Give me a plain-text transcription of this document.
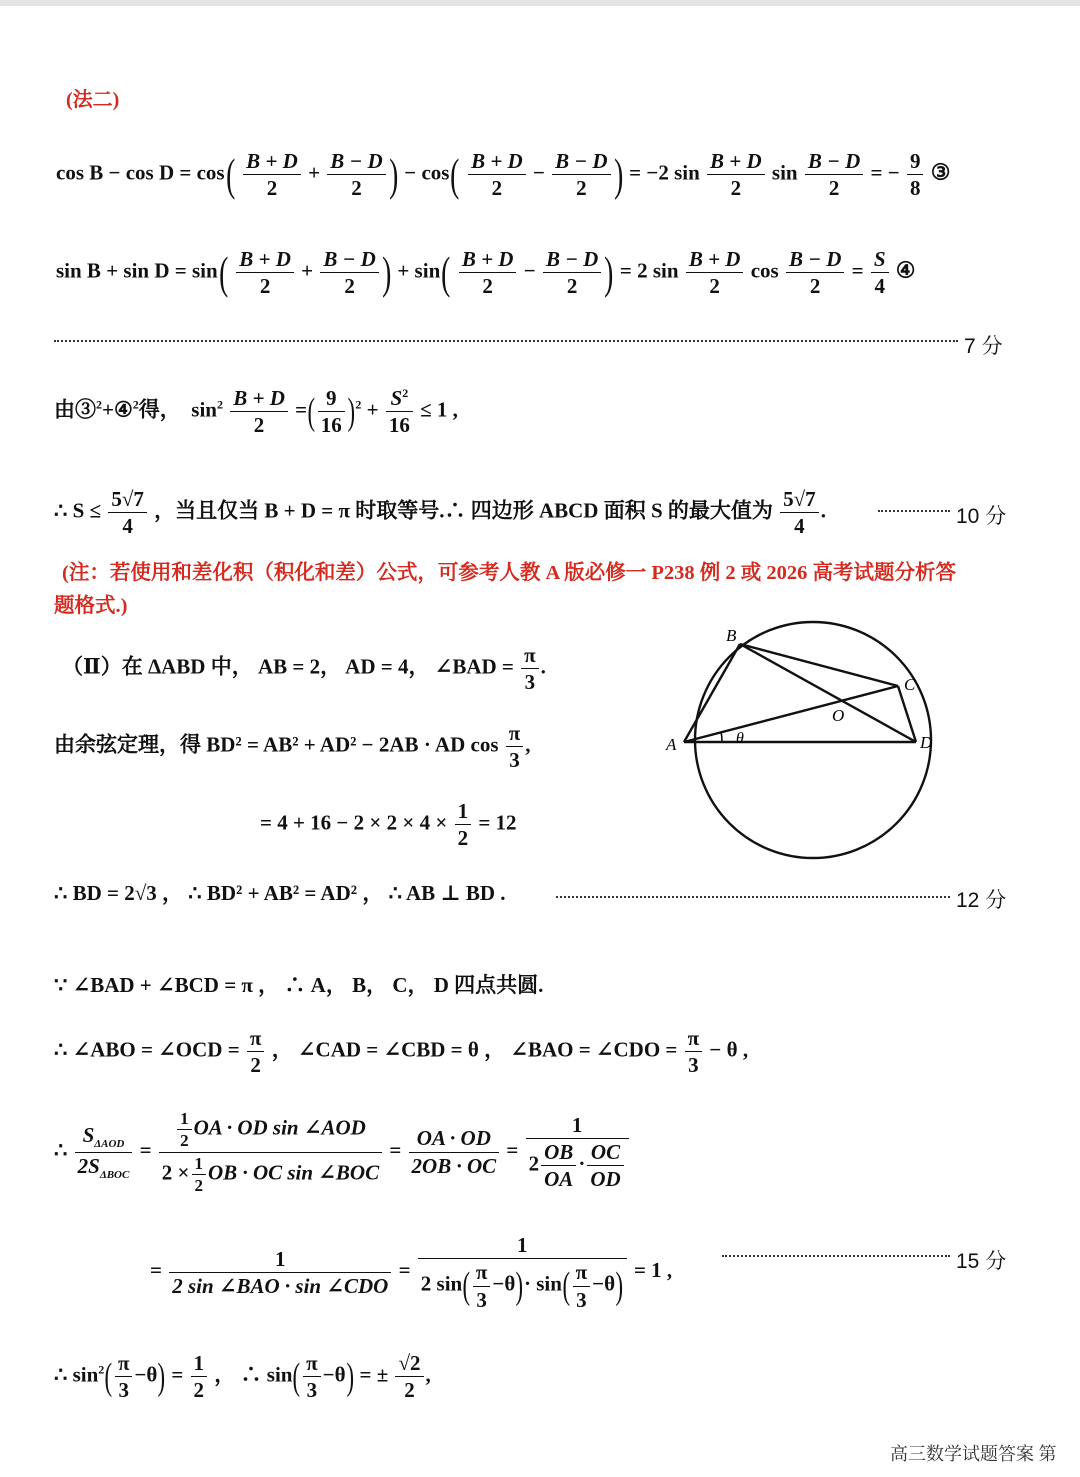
(法二)
$\cos B - \cos D = \cos( \frac{B + D}{2} + \frac{B - D}{2}$ ) − $\cos( \frac{B + D}{2} - \frac{B - D}{2}$ ) = −2 $\sin \frac{B + D}{2}$ $\sin \frac{B - D}{2}$ = − $\frac{9}{8}$ ③
$\sin B + \sin D = \sin( \frac{B + D}{2} + \frac{B - D}{2}$ ) + $\sin( \frac{B + D}{2} - \frac{B - D}{2}$ ) = 2 $\sin \frac{B + D}{2}$ $\cos \frac{B - D}{2} = \frac{S}{4}$ ④
7 分
由③$^2$+④$^2$得， $\sin^2 \frac{B + D}{2}$ =( $\frac{9}{16} )^2 + \frac{S^2}{16} \le 1$ ,
∴ $S \le \frac{5√7}{4}$ ，当且仅当 B + D = π 时取等号.∴ 四边形 ABCD 面积 S 的最大值为 $\frac{5√7}{4}$ .	10 分
(注：若使用和差化积（积化和差）公式，可参考人教 A 版必修一 P238 例 2 或 2026 高考试题分析答
题格式.)
（Ⅱ）在 ΔABD 中， AB = 2， AD = 4， ∠BAD = $\frac{\pi}{3}$ .
由余弦定理，得 BD² = AB² + AD² − 2AB · AD $\cos \frac{\pi}{3}$ ,
= $4 + 16 - 2 \times 2 \times 4 \times \frac{1}{2} = 12$
B
C
O
A	θ	D
∴ BD = 2√3 ， ∴ BD² + AB² = AD² ， ∴ AB ⊥ BD .	12 分
∵ ∠BAD + ∠BCD = π ， ∴ A， B， C， D 四点共圆.
∴ ∠ABO = ∠OCD = $\frac{\pi}{2}$ ， ∠CAD = ∠CBD = θ ， ∠BAO = ∠CDO = $\frac{\pi}{3} - \theta$ ,
∴ $\frac{S_{\Delta AOD}}{2S_{\Delta BOC}} = \frac{\frac{1}{2} OA \cdot OD \sin \angle AOD}{2 \times \frac{1}{2} OB \cdot OC \sin \angle BOC} = \frac{OA \cdot OD}{2OB \cdot OC} = \frac{1}{2 \frac{OB}{OA} \cdot \frac{OC}{OD}}$
= $\frac{1}{\text{2 sin ∠BAO · sin ∠CDO}} = \frac{1}{2 \sin( \frac{\pi}{3} -\theta)\cdot \sin( \frac{\pi}{3} -\theta)} = 1$ ,	15 分
∴ $\sin^2( \frac{\pi}{3} -\theta) = \frac{1}{2}$ ， ∴ $\sin( \frac{\pi}{3} -\theta)$ = ± $\frac{√2}{2}$ ,
高三数学试题答案 第
